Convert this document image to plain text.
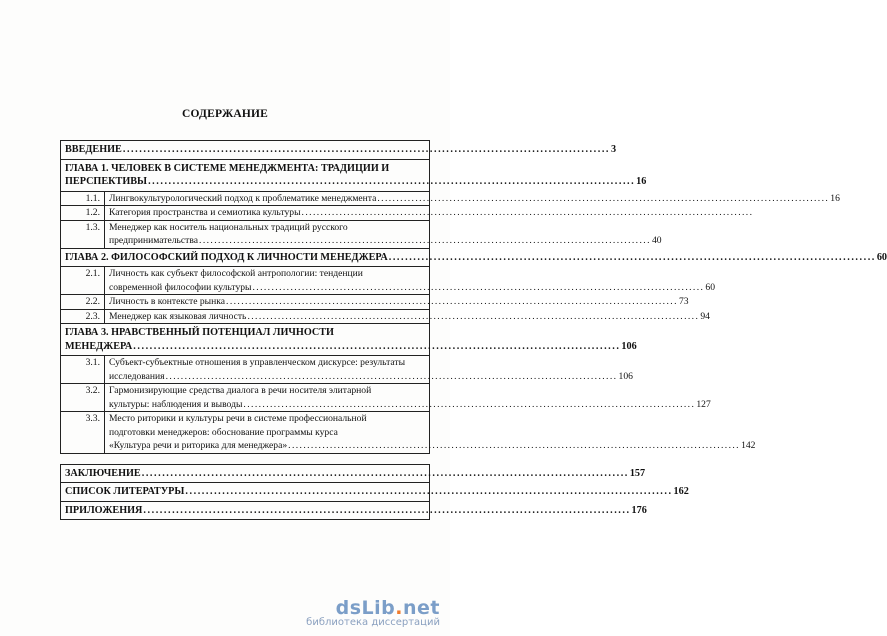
СОДЕРЖАНИЕ
ВВЕДЕНИЕ . . .	3
ГЛАВА 1. ЧЕЛОВЕК В СИСТЕМЕ МЕНЕДЖМЕНТА: ТРАДИЦИИ И
ПЕРСПЕКТИВЫ . . .	16
1.1. Лингвокультурологический подход к проблематике менеджмента . . .	16
1.2. Категория пространства и семиотика культуры
. . .
1.3. Менеджер как носитель национальных традиций русского
предпринимательства . . .	40
ГЛАВА 2. ФИЛОСОФСКИЙ ПОДХОД К ЛИЧНОСТИ МЕНЕДЖЕРА . . .	60
2.1. Личность как субъект философской антропологии: тенденции
современной философии культуры . . .	60
2.2. Личность в контексте рынка . . .	73
2.3. Менеджер как языковая личность . . .	94
ГЛАВА 3. НРАВСТВЕННЫЙ ПОТЕНЦИАЛ ЛИЧНОСТИ
МЕНЕДЖЕРА . . .	106
3.1. Субъект-субъектные отношения в управленческом дискурсе: результаты
исследования . . .	106
3.2. Гармонизирующие средства диалога в речи носителя элитарной
культуры: наблюдения и выводы . . .	127
3.3. Место риторики и культуры речи в системе профессиональной
подготовки менеджеров: обоснование программы курса
«Культура речи и риторика для менеджера» . . .	142
ЗАКЛЮЧЕНИЕ . . .	157
СПИСОК ЛИТЕРАТУРЫ . . .	162
ПРИЛОЖЕНИЯ . . .	176
dsLib.net
библиотека диссертаций
